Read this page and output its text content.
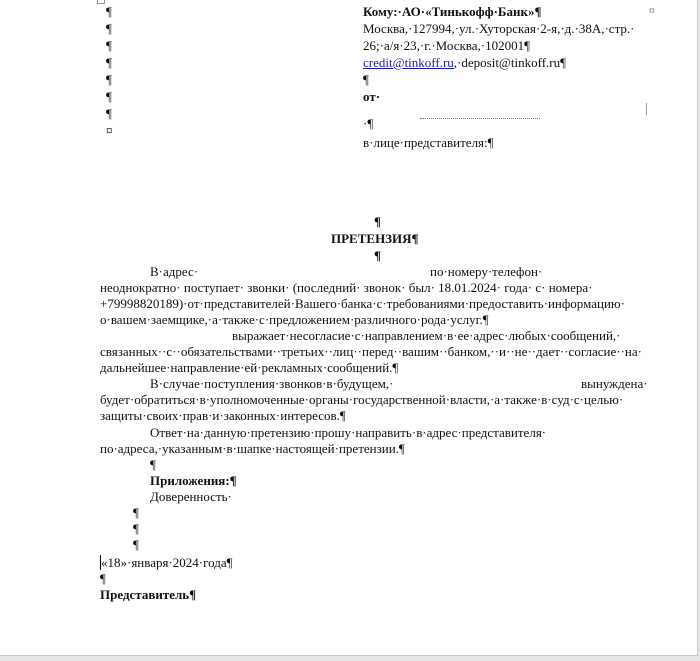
¶
¶
¶
¶
¶
¶
¶
¤
Кому:·АО·«Тинькофф·Банк»¶	¤
Москва,·127994,·ул.·Хуторская·2-я,·д.·38А,·стр.·
26;·а/я·23,·г.·Москва,·102001¶
credit@tinkoff.ru,·deposit@tinkoff.ru¶
¶
от·
·¶
в·лице·представителя:¶
¶
ПРЕТЕНЗИЯ¶
¶
В·адрес·	по·номеру·телефон·
неоднократно· поступает· звонки· (последний· звонок· был· 18.01.2024· года· с· номера·
+79998820189)·от·представителей·Вашего·банка·с·требованиями·предоставить·информацию·
о·вашем·заемщике,·а·также·с·предложением·различного·рода·услуг.¶
выражает·несогласие·с·направлением·в·ее·адрес·любых·сообщений,·
связанных··с··обязательствами··третьих··лиц··перед··вашим··банком,··и··не··дает··согласие··на·
дальнейшее·направление·ей·рекламных·сообщений.¶
В·случае·поступления·звонков·в·будущем,·	вынуждена·
будет·обратиться·в·уполномоченные·органы·государственной·власти,·а·также·в·суд·с·целью·
защиты·своих·прав·и·законных·интересов.¶
Ответ·на·данную·претензию·прошу·направить·в·адрес·представителя·
по·адреса,·указанным·в·шапке·настоящей·претензии.¶
¶
Приложения:¶
Доверенность·
¶
¶
¶
«18»·января·2024·года¶
¶
Представитель¶
